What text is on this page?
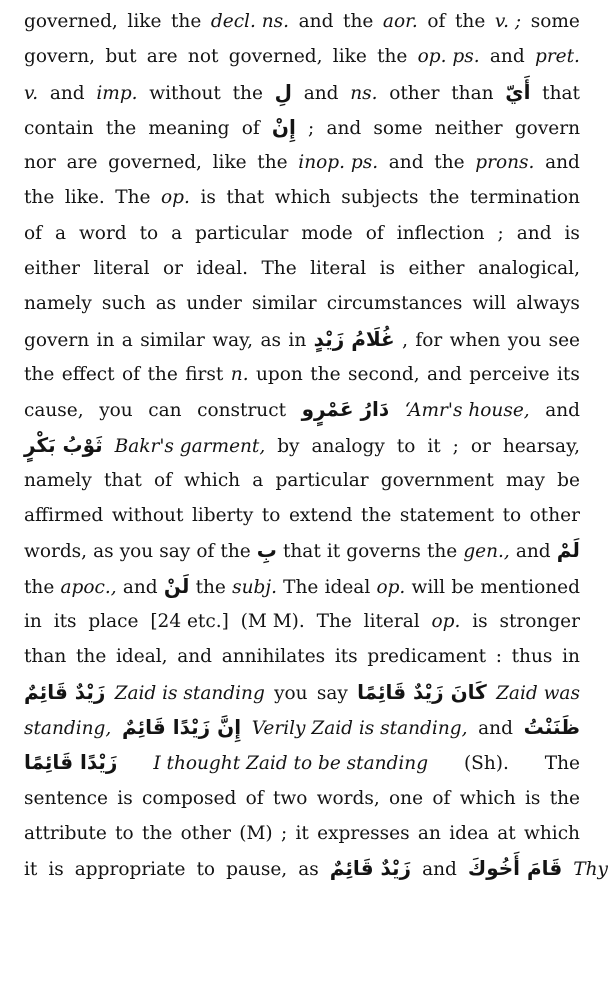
governed, like the decl. ns. and the aor. of the v. ; some
govern, but are not governed, like the op. ps. and pret.
v. and imp. without the لِ and ns. other than أَيّ that
contain the meaning of إِنْ ; and some neither govern
nor are governed, like the inop. ps. and the prons. and
the like. The op. is that which subjects the termination
of a word to a particular mode of inflection ; and is
either literal or ideal. The literal is either analogical,
namely such as under similar circumstances will always
govern in a similar way, as in غُلَامُ زَيْدٍ , for when you see
the effect of the first n. upon the second, and perceive its
cause, you can construct دَارُ عَمْرٍو ‘Amr's house, and
ثَوْبُ بَكْرٍ Bakr's garment, by analogy to it ; or hearsay,
namely that of which a particular government may be
affirmed without liberty to extend the statement to other
words, as you say of the بِ that it governs the gen., and لَمْ
the apoc., and لَنْ the subj. The ideal op. will be mentioned
in its place [24 etc.] (M M). The literal op. is stronger
than the ideal, and annihilates its predicament : thus in
زَيْدٌ قَائِمٌ Zaid is standing you say كَانَ زَيْدٌ قَائِمًا Zaid was
standing, إِنَّ زَيْدًا قَائِمٌ Verily Zaid is standing, and ظَنَنْتُ
زَيْدًا قَائِمًا I thought Zaid to be standing (Sh). The
sentence is composed of two words, one of which is the
attribute to the other (M) ; it expresses an idea at which
it is appropriate to pause, as زَيْدٌ قَائِمٌ and قَامَ أَخُوكَ Thy
